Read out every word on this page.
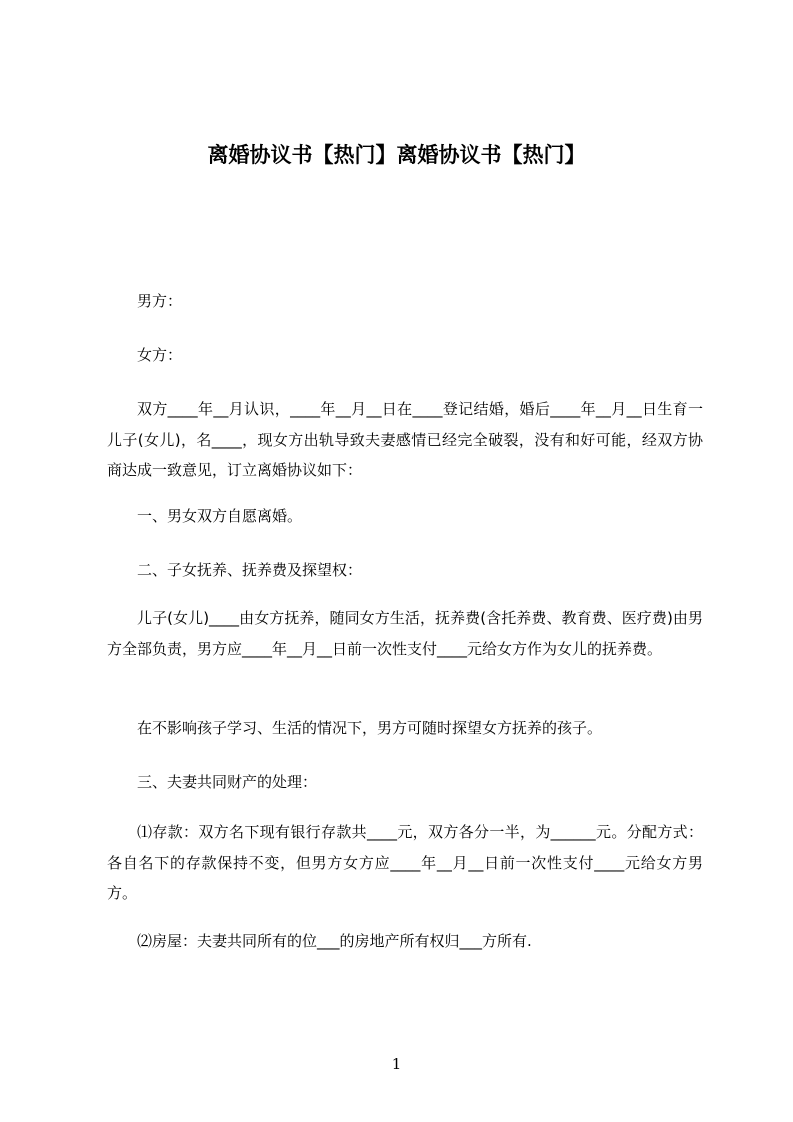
离婚协议书【热门】离婚协议书【热门】

男方：

女方：

双方____年__月认识，____年__月__日在____登记结婚，婚后____年__月__日生育一儿子(女儿)，名____，现女方出轨导致夫妻感情已经完全破裂，没有和好可能，经双方协商达成一致意见，订立离婚协议如下：

一、男女双方自愿离婚。

二、子女抚养、抚养费及探望权：

儿子(女儿)____由女方抚养，随同女方生活，抚养费(含托养费、教育费、医疗费)由男方全部负责，男方应____年__月__日前一次性支付____元给女方作为女儿的抚养费。

在不影响孩子学习、生活的情况下，男方可随时探望女方抚养的孩子。

三、夫妻共同财产的处理：

⑴存款：双方名下现有银行存款共____元，双方各分一半，为______元。分配方式：各自名下的存款保持不变，但男方女方应____年__月__日前一次性支付____元给女方男方。

⑵房屋：夫妻共同所有的位___的房地产所有权归___方所有.

1
